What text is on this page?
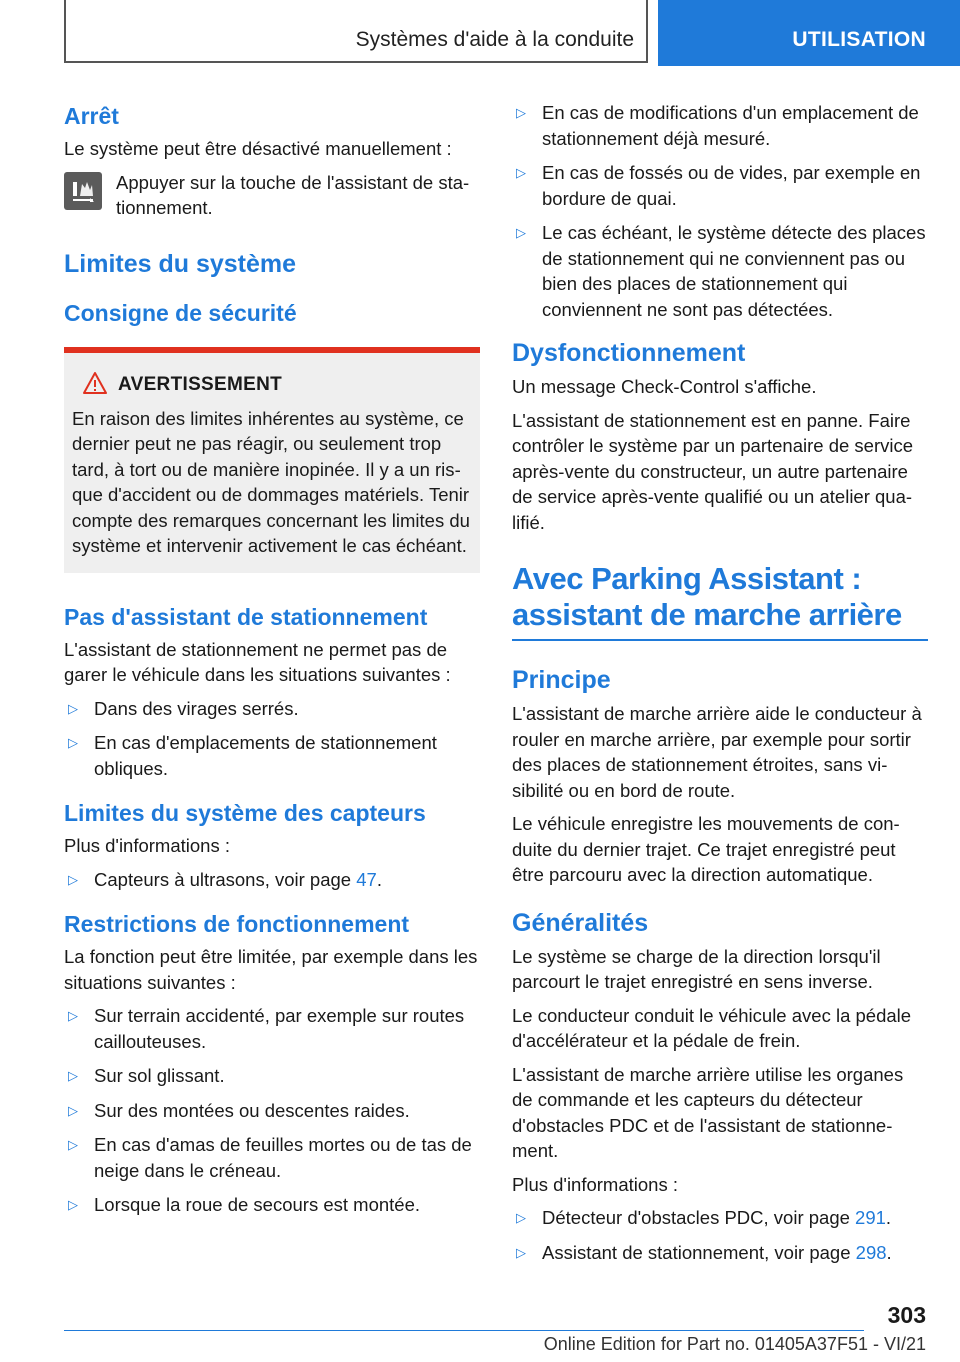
Systèmes d'aide à la conduite	UTILISATION
Arrêt

Le système peut être désactivé manuellement :

Appuyer sur la touche de l'assistant de stationnement.

Limites du système
Consigne de sécurité
AVERTISSEMENT

En raison des limites inhérentes au système, ce dernier peut ne pas réagir, ou seulement trop tard, à tort ou de manière inopinée. Il y a un risque d'accident ou de dommages matériels. Tenir compte des remarques concernant les limites du système et intervenir activement le cas échéant.

Pas d'assistant de stationnement

L'assistant de stationnement ne permet pas de garer le véhicule dans les situations suivantes :

▷ Dans des virages serrés.
▷ En cas d'emplacements de stationnement obliques.
Limites du système des capteurs

Plus d'informations :

▷ Capteurs à ultrasons, voir page 47.
Restrictions de fonctionnement

La fonction peut être limitée, par exemple dans les situations suivantes :

▷ Sur terrain accidenté, par exemple sur routes caillouteuses.
▷ Sur sol glissant.
▷ Sur des montées ou descentes raides.
▷ En cas d'amas de feuilles mortes ou de tas de neige dans le créneau.
▷ Lorsque la roue de secours est montée.
▷ En cas de modifications d'un emplacement de stationnement déjà mesuré.
▷ En cas de fossés ou de vides, par exemple en bordure de quai.
▷ Le cas échéant, le système détecte des places de stationnement qui ne conviennent pas ou bien des places de stationnement qui conviennent ne sont pas détectées.
Dysfonctionnement

Un message Check-Control s'affiche.

L'assistant de stationnement est en panne. Faire contrôler le système par un partenaire de service après-vente du constructeur, un autre partenaire de service après-vente qualifié ou un atelier qualifié.

Avec Parking Assistant : assistant de marche arrière
Principe

L'assistant de marche arrière aide le conducteur à rouler en marche arrière, par exemple pour sortir des places de stationnement étroites, sans visibilité ou en bord de route.

Le véhicule enregistre les mouvements de conduite du dernier trajet. Ce trajet enregistré peut être parcouru avec la direction automatique.

Généralités

Le système se charge de la direction lorsqu'il parcourt le trajet enregistré en sens inverse.

Le conducteur conduit le véhicule avec la pédale d'accélérateur et la pédale de frein.

L'assistant de marche arrière utilise les organes de commande et les capteurs du détecteur d'obstacles PDC et de l'assistant de stationnement.

Plus d'informations :

▷ Détecteur d'obstacles PDC, voir page 291.
▷ Assistant de stationnement, voir page 298.
303
Online Edition for Part no. 01405A37F51 - VI/21
